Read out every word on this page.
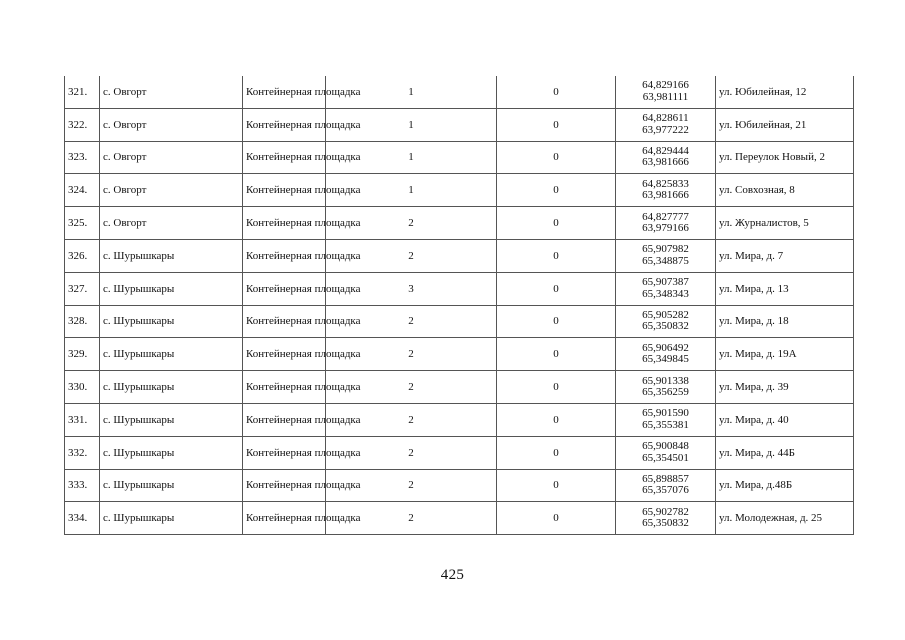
321.	с. Овгорт	Контейнерная площадка	1	0	64,829166
63,981111	ул. Юбилейная, 12
322.	с. Овгорт	Контейнерная площадка	1	0	64,828611
63,977222	ул. Юбилейная, 21
323.	с. Овгорт	Контейнерная площадка	1	0	64,829444
63,981666	ул. Переулок Новый, 2
324.	с. Овгорт	Контейнерная площадка	1	0	64,825833
63,981666	ул. Совхозная, 8
325.	с. Овгорт	Контейнерная площадка	2	0	64,827777
63,979166	ул. Журналистов, 5
326.	с. Шурышкары	Контейнерная площадка	2	0	65,907982
65,348875	ул. Мира, д. 7
327.	с. Шурышкары	Контейнерная площадка	3	0	65,907387
65,348343	ул. Мира, д. 13
328.	с. Шурышкары	Контейнерная площадка	2	0	65,905282
65,350832	ул. Мира, д. 18
329.	с. Шурышкары	Контейнерная площадка	2	0	65,906492
65,349845	ул. Мира, д. 19А
330.	с. Шурышкары	Контейнерная площадка	2	0	65,901338
65,356259	ул. Мира, д. 39
331.	с. Шурышкары	Контейнерная площадка	2	0	65,901590
65,355381	ул. Мира, д. 40
332.	с. Шурышкары	Контейнерная площадка	2	0	65,900848
65,354501	ул. Мира, д. 44Б
333.	с. Шурышкары	Контейнерная площадка	2	0	65,898857
65,357076	ул. Мира, д.48Б
334.	с. Шурышкары	Контейнерная площадка	2	0	65,902782
65,350832	ул. Молодежная, д. 25
425
